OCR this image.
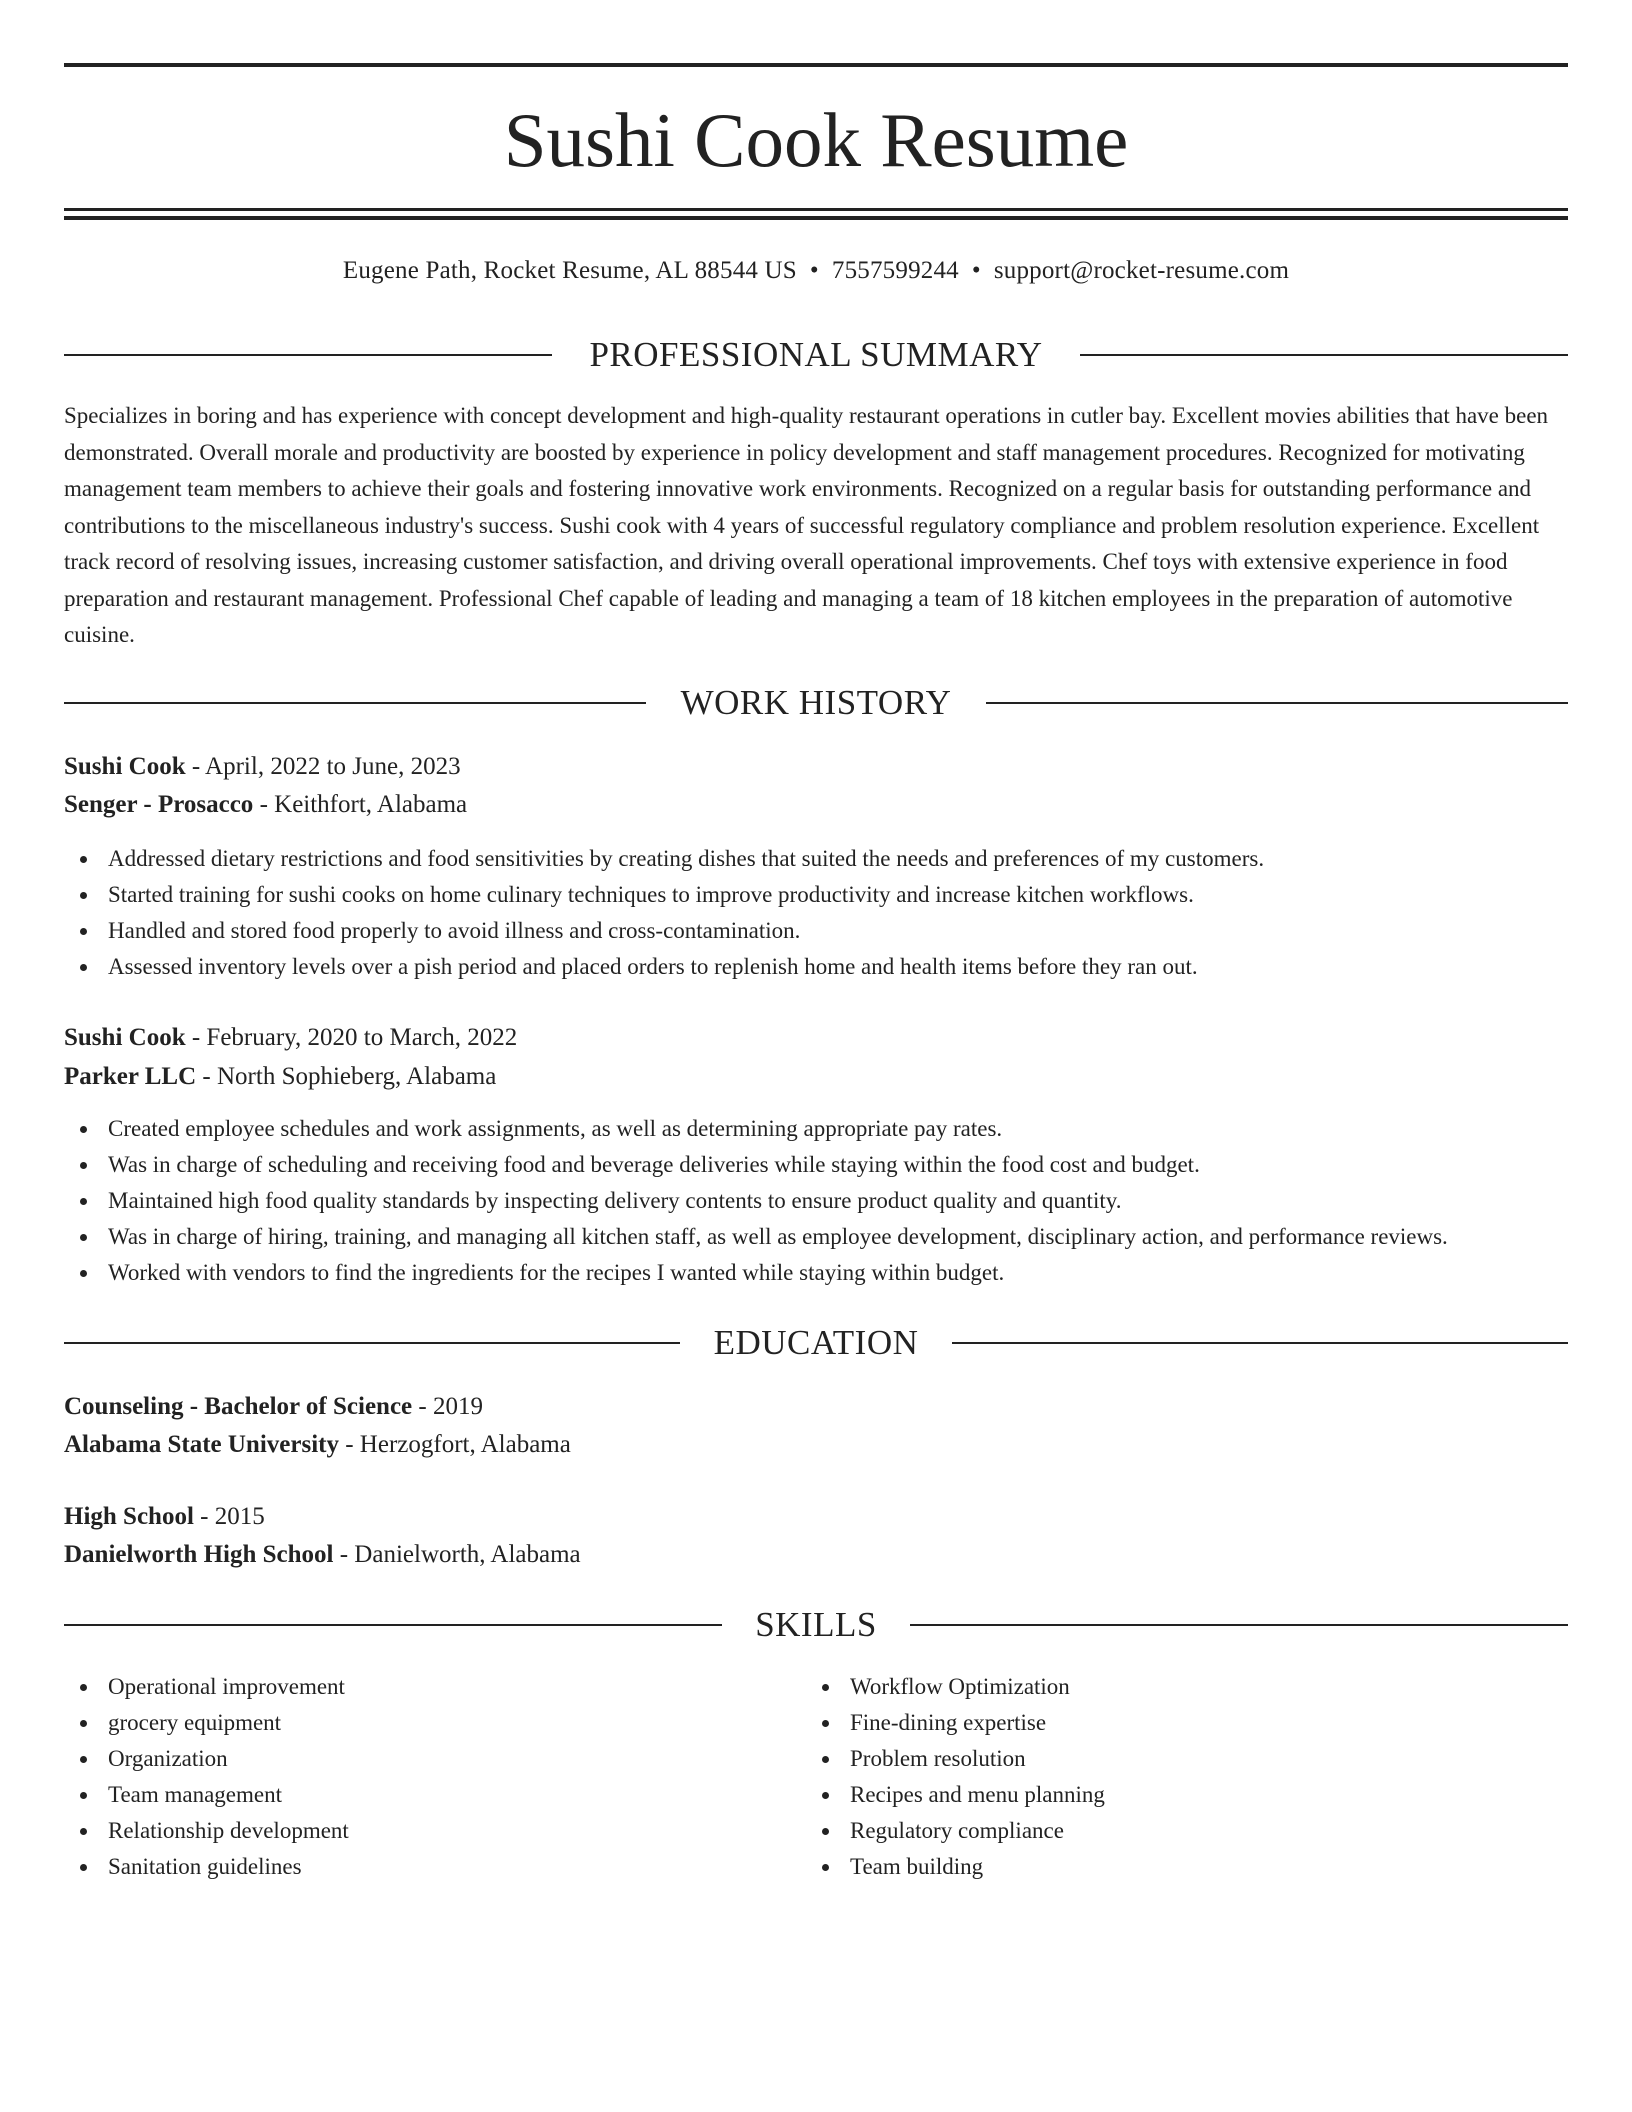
Sushi Cook Resume
Eugene Path, Rocket Resume, AL 88544 US • 7557599244 • support@rocket-resume.com
PROFESSIONAL SUMMARY

Specializes in boring and has experience with concept development and high-quality restaurant operations in cutler bay. Excellent movies abilities that have been demonstrated. Overall morale and productivity are boosted by experience in policy development and staff management procedures. Recognized for motivating management team members to achieve their goals and fostering innovative work environments. Recognized on a regular basis for outstanding performance and contributions to the miscellaneous industry's success. Sushi cook with 4 years of successful regulatory compliance and problem resolution experience. Excellent track record of resolving issues, increasing customer satisfaction, and driving overall operational improvements. Chef toys with extensive experience in food preparation and restaurant management. Professional Chef capable of leading and managing a team of 18 kitchen employees in the preparation of automotive cuisine.

WORK HISTORY
Sushi Cook - April, 2022 to June, 2023
Senger - Prosacco - Keithfort, Alabama
Addressed dietary restrictions and food sensitivities by creating dishes that suited the needs and preferences of my customers.
Started training for sushi cooks on home culinary techniques to improve productivity and increase kitchen workflows.
Handled and stored food properly to avoid illness and cross-contamination.
Assessed inventory levels over a pish period and placed orders to replenish home and health items before they ran out.
Sushi Cook - February, 2020 to March, 2022
Parker LLC - North Sophieberg, Alabama
Created employee schedules and work assignments, as well as determining appropriate pay rates.
Was in charge of scheduling and receiving food and beverage deliveries while staying within the food cost and budget.
Maintained high food quality standards by inspecting delivery contents to ensure product quality and quantity.
Was in charge of hiring, training, and managing all kitchen staff, as well as employee development, disciplinary action, and performance reviews.
Worked with vendors to find the ingredients for the recipes I wanted while staying within budget.
EDUCATION
Counseling - Bachelor of Science - 2019
Alabama State University - Herzogfort, Alabama
High School - 2015
Danielworth High School - Danielworth, Alabama
SKILLS
Operational improvement
grocery equipment
Organization
Team management
Relationship development
Sanitation guidelines
Workflow Optimization
Fine-dining expertise
Problem resolution
Recipes and menu planning
Regulatory compliance
Team building
